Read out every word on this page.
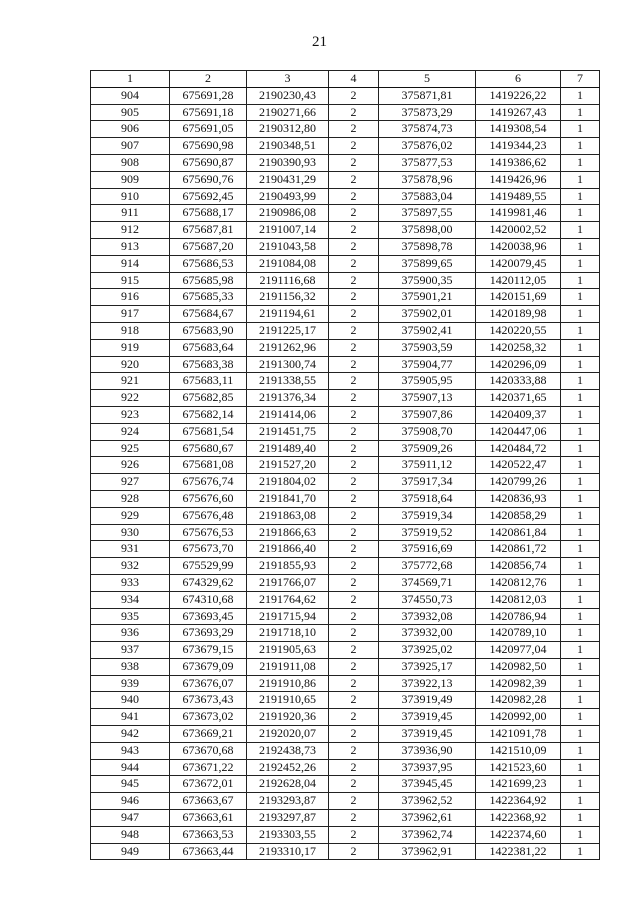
21
1	2	3	4	5	6	7
904	675691,28	2190230,43	2	375871,81	1419226,22	1
905	675691,18	2190271,66	2	375873,29	1419267,43	1
906	675691,05	2190312,80	2	375874,73	1419308,54	1
907	675690,98	2190348,51	2	375876,02	1419344,23	1
908	675690,87	2190390,93	2	375877,53	1419386,62	1
909	675690,76	2190431,29	2	375878,96	1419426,96	1
910	675692,45	2190493,99	2	375883,04	1419489,55	1
911	675688,17	2190986,08	2	375897,55	1419981,46	1
912	675687,81	2191007,14	2	375898,00	1420002,52	1
913	675687,20	2191043,58	2	375898,78	1420038,96	1
914	675686,53	2191084,08	2	375899,65	1420079,45	1
915	675685,98	2191116,68	2	375900,35	1420112,05	1
916	675685,33	2191156,32	2	375901,21	1420151,69	1
917	675684,67	2191194,61	2	375902,01	1420189,98	1
918	675683,90	2191225,17	2	375902,41	1420220,55	1
919	675683,64	2191262,96	2	375903,59	1420258,32	1
920	675683,38	2191300,74	2	375904,77	1420296,09	1
921	675683,11	2191338,55	2	375905,95	1420333,88	1
922	675682,85	2191376,34	2	375907,13	1420371,65	1
923	675682,14	2191414,06	2	375907,86	1420409,37	1
924	675681,54	2191451,75	2	375908,70	1420447,06	1
925	675680,67	2191489,40	2	375909,26	1420484,72	1
926	675681,08	2191527,20	2	375911,12	1420522,47	1
927	675676,74	2191804,02	2	375917,34	1420799,26	1
928	675676,60	2191841,70	2	375918,64	1420836,93	1
929	675676,48	2191863,08	2	375919,34	1420858,29	1
930	675676,53	2191866,63	2	375919,52	1420861,84	1
931	675673,70	2191866,40	2	375916,69	1420861,72	1
932	675529,99	2191855,93	2	375772,68	1420856,74	1
933	674329,62	2191766,07	2	374569,71	1420812,76	1
934	674310,68	2191764,62	2	374550,73	1420812,03	1
935	673693,45	2191715,94	2	373932,08	1420786,94	1
936	673693,29	2191718,10	2	373932,00	1420789,10	1
937	673679,15	2191905,63	2	373925,02	1420977,04	1
938	673679,09	2191911,08	2	373925,17	1420982,50	1
939	673676,07	2191910,86	2	373922,13	1420982,39	1
940	673673,43	2191910,65	2	373919,49	1420982,28	1
941	673673,02	2191920,36	2	373919,45	1420992,00	1
942	673669,21	2192020,07	2	373919,45	1421091,78	1
943	673670,68	2192438,73	2	373936,90	1421510,09	1
944	673671,22	2192452,26	2	373937,95	1421523,60	1
945	673672,01	2192628,04	2	373945,45	1421699,23	1
946	673663,67	2193293,87	2	373962,52	1422364,92	1
947	673663,61	2193297,87	2	373962,61	1422368,92	1
948	673663,53	2193303,55	2	373962,74	1422374,60	1
949	673663,44	2193310,17	2	373962,91	1422381,22	1
